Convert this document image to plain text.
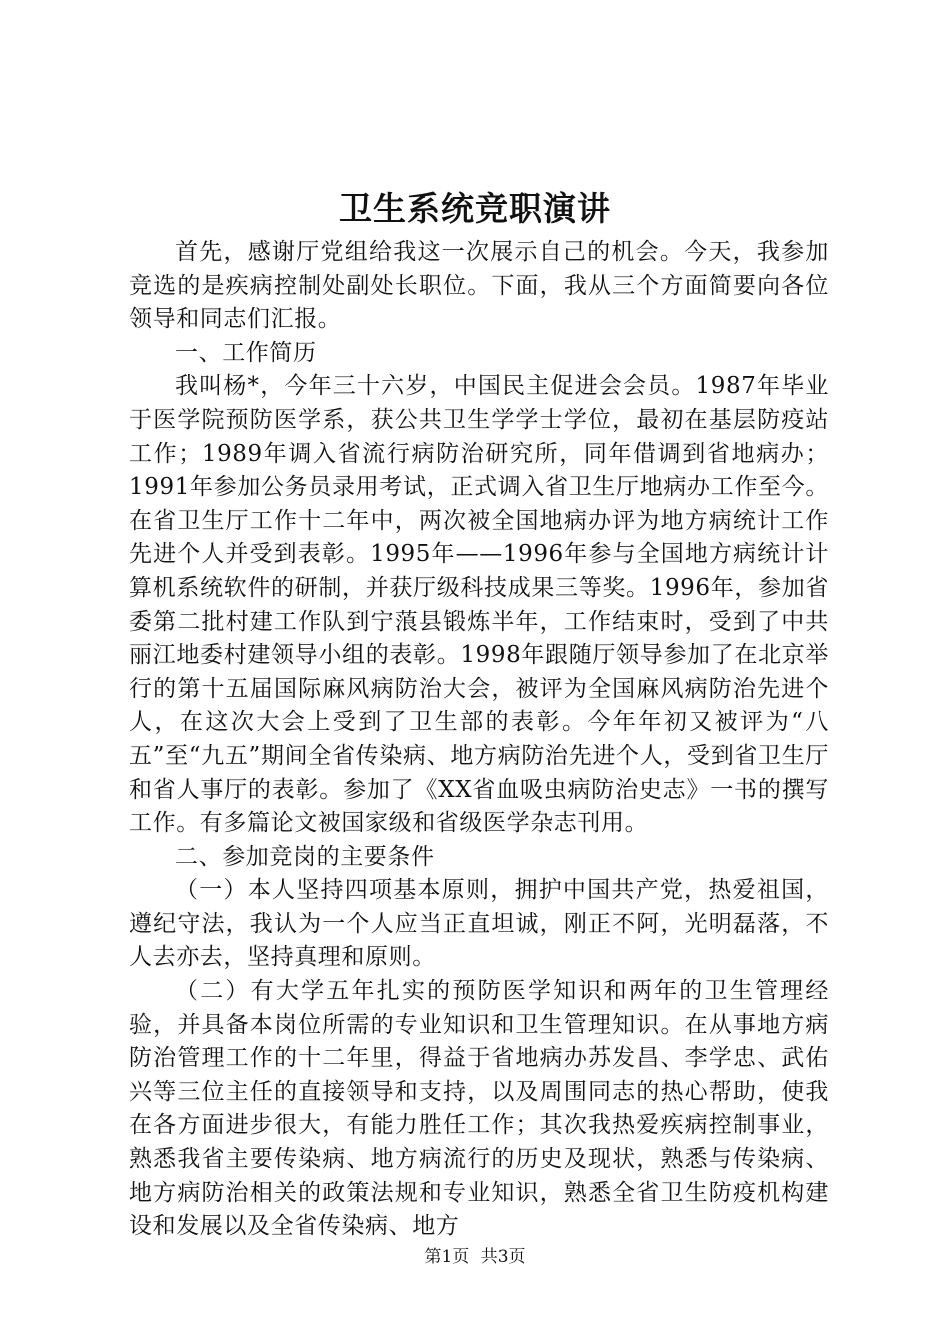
卫生系统竞职演讲

首先，感谢厅党组给我这一次展示自己的机会。今天，我参加竞选的是疾病控制处副处长职位。下面，我从三个方面简要向各位领导和同志们汇报。

一、工作简历

我叫杨*，今年三十六岁，中国民主促进会会员。1987年毕业于医学院预防医学系，获公共卫生学学士学位，最初在基层防疫站工作；1989年调入省流行病防治研究所，同年借调到省地病办；1991年参加公务员录用考试，正式调入省卫生厅地病办工作至今。在省卫生厅工作十二年中，两次被全国地病办评为地方病统计工作先进个人并受到表彰。1995年——1996年参与全国地方病统计计算机系统软件的研制，并获厅级科技成果三等奖。1996年，参加省委第二批村建工作队到宁蒗县锻炼半年，工作结束时，受到了中共丽江地委村建领导小组的表彰。1998年跟随厅领导参加了在北京举行的第十五届国际麻风病防治大会，被评为全国麻风病防治先进个人，在这次大会上受到了卫生部的表彰。今年年初又被评为“八五”至“九五”期间全省传染病、地方病防治先进个人，受到省卫生厅和省人事厅的表彰。参加了《XX省血吸虫病防治史志》一书的撰写工作。有多篇论文被国家级和省级医学杂志刊用。

二、参加竞岗的主要条件

（一）本人坚持四项基本原则，拥护中国共产党，热爱祖国，遵纪守法，我认为一个人应当正直坦诚，刚正不阿，光明磊落，不人去亦去，坚持真理和原则。

（二）有大学五年扎实的预防医学知识和两年的卫生管理经验，并具备本岗位所需的专业知识和卫生管理知识。在从事地方病防治管理工作的十二年里，得益于省地病办苏发昌、李学忠、武佑兴等三位主任的直接领导和支持，以及周围同志的热心帮助，使我在各方面进步很大，有能力胜任工作；其次我热爱疾病控制事业，熟悉我省主要传染病、地方病流行的历史及现状，熟悉与传染病、地方病防治相关的政策法规和专业知识，熟悉全省卫生防疫机构建设和发展以及全省传染病、地方

第1页 共3页
